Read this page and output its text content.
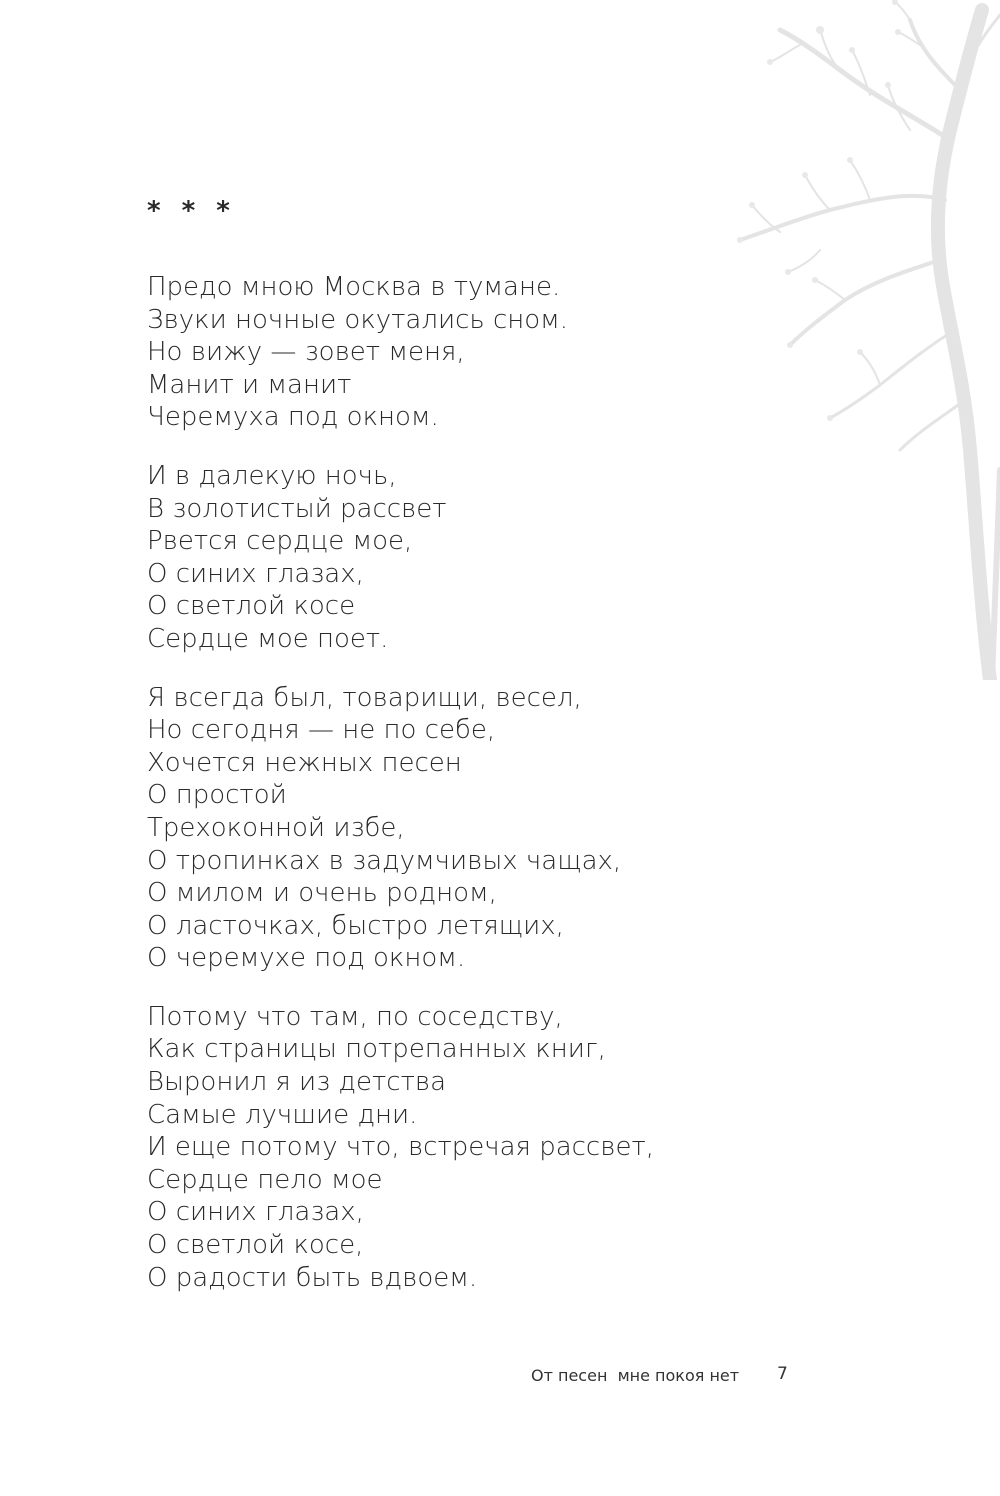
* * *
Предо мною Москва в тумане.
Звуки ночные окутались сном.
Но вижу — зовет меня,
Манит и манит
Черемуха под окном.
И в далекую ночь,
В золотистый рассвет
Рвется сердце мое,
О синих глазах,
О светлой косе
Сердце мое поет.
Я всегда был, товарищи, весел,
Но сегодня — не по себе,
Хочется нежных песен
О простой
Трехоконной избе,
О тропинках в задумчивых чащах,
О милом и очень родном,
О ласточках, быстро летящих,
О черемухе под окном.
Потому что там, по соседству,
Как страницы потрепанных книг,
Выронил я из детства
Самые лучшие дни.
И еще потому что, встречая рассвет,
Сердце пело мое
О синих глазах,
О светлой косе,
О радости быть вдвоем.
От песен  мне покоя нет 7
